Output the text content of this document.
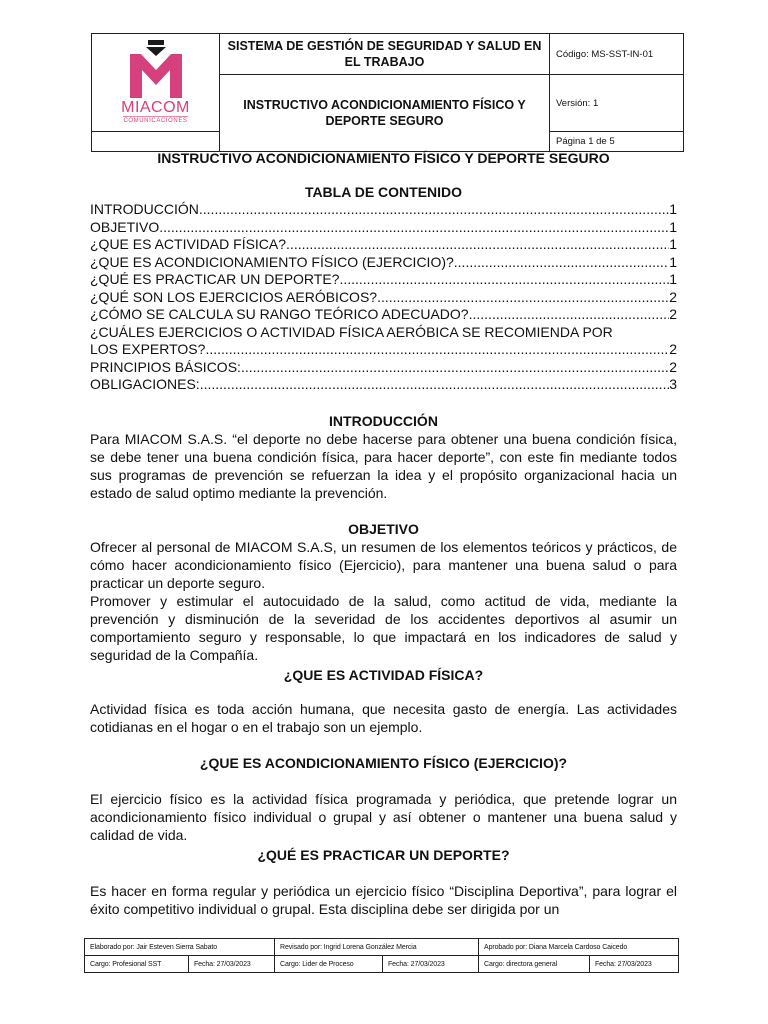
MIACOM
COMUNICACIONES	SISTEMA DE GESTIÓN DE SEGURIDAD Y SALUD EN EL TRABAJO	Código: MS-SST-IN-01
	INSTRUCTIVO ACONDICIONAMIENTO FÍSICO Y DEPORTE SEGURO	Versión: 1
		Página 1 de 5
INSTRUCTIVO ACONDICIONAMIENTO FÍSICO Y DEPORTE SEGURO
TABLA DE CONTENIDO
INTRODUCCIÓN .....	1
OBJETIVO .....	1
¿QUE ES ACTIVIDAD FÍSICA? .....	1
¿QUE ES ACONDICIONAMIENTO FÍSICO (EJERCICIO)? .....	1
¿QUÉ ES PRACTICAR UN DEPORTE? .....	1
¿QUÉ SON LOS EJERCICIOS AERÓBICOS? .....	2
¿CÓMO SE CALCULA SU RANGO TEÓRICO ADECUADO? .....	2
¿CUÁLES EJERCICIOS O ACTIVIDAD FÍSICA AERÓBICA SE RECOMIENDA POR
LOS EXPERTOS? .....	2
PRINCIPIOS BÁSICOS: .....	2
OBLIGACIONES: .....	3
INTRODUCCIÓN

Para MIACOM S.A.S. “el deporte no debe hacerse para obtener una buena condición física, se debe tener una buena condición física, para hacer deporte”, con este fin mediante todos sus programas de prevención se refuerzan la idea y el propósito organizacional hacia un estado de salud optimo mediante la prevención.

OBJETIVO

Ofrecer al personal de MIACOM S.A.S, un resumen de los elementos teóricos y prácticos, de cómo hacer acondicionamiento físico (Ejercicio), para mantener una buena salud o para practicar un deporte seguro.

Promover y estimular el autocuidado de la salud, como actitud de vida, mediante la prevención y disminución de la severidad de los accidentes deportivos al asumir un comportamiento seguro y responsable, lo que impactará en los indicadores de salud y seguridad de la Compañía.

¿QUE ES ACTIVIDAD FÍSICA?

Actividad física es toda acción humana, que necesita gasto de energía. Las actividades cotidianas en el hogar o en el trabajo son un ejemplo.

¿QUE ES ACONDICIONAMIENTO FÍSICO (EJERCICIO)?

El ejercicio físico es la actividad física programada y periódica, que pretende lograr un acondicionamiento físico individual o grupal y así obtener o mantener una buena salud y calidad de vida.

¿QUÉ ES PRACTICAR UN DEPORTE?

Es hacer en forma regular y periódica un ejercicio físico “Disciplina Deportiva”, para lograr el éxito competitivo individual o grupal. Esta disciplina debe ser dirigida por un

Elaborado por: Jair Esteven Sierra Sabato		Revisado por: Ingrid Lorena González Mercia		Aprobado por: Diana Marcela Cardoso Caicedo	
Cargo: Profesional SST	Fecha: 27/03/2023	Cargo: Lider de Proceso	Fecha: 27/03/2023	Cargo: directora general	Fecha: 27/03/2023
